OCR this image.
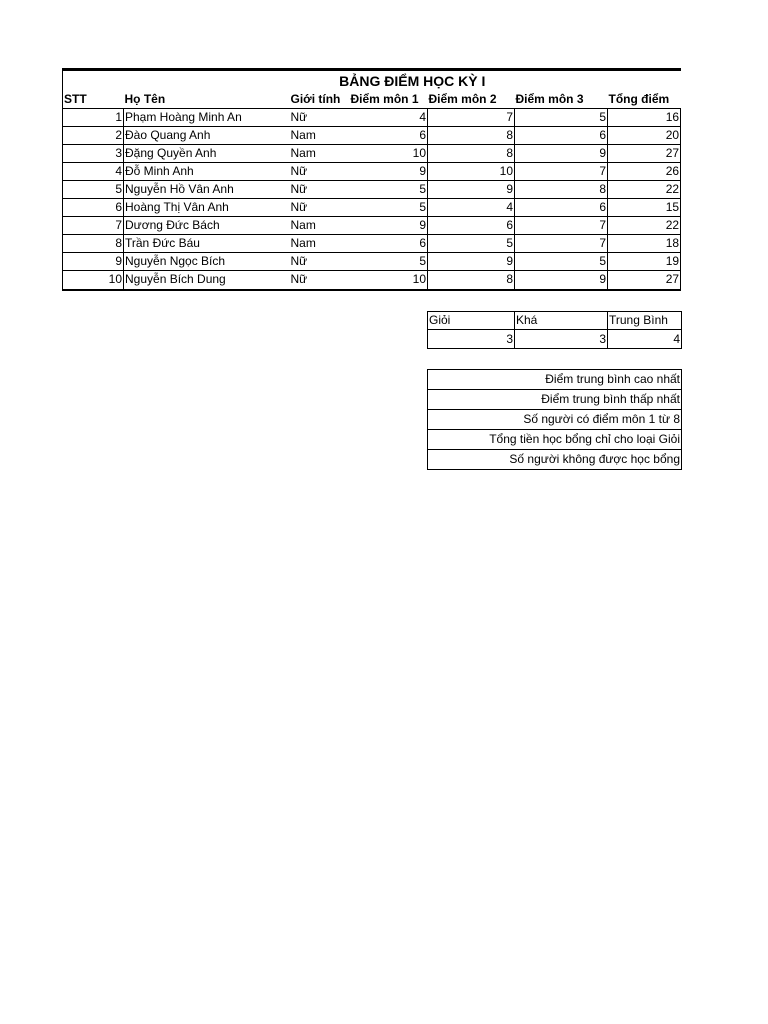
BẢNG ĐIỂM HỌC KỲ I						
STT	Họ Tên	Giới tính	Điểm môn 1	Điểm môn 2	Điểm môn 3	Tổng điểm
1	Phạm Hoàng Minh An	Nữ	4	7	5	16
2	Đào Quang Anh	Nam	6	8	6	20
3	Đặng Quyền Anh	Nam	10	8	9	27
4	Đỗ Minh Anh	Nữ	9	10	7	26
5	Nguyễn Hồ Vân Anh	Nữ	5	9	8	22
6	Hoàng Thị Vân Anh	Nữ	5	4	6	15
7	Dương Đức Bách	Nam	9	6	7	22
8	Trần Đức Báu	Nam	6	5	7	18
9	Nguyễn Ngọc Bích	Nữ	5	9	5	19
10	Nguyễn Bích Dung	Nữ	10	8	9	27
Giỏi	Khá	Trung Bình
3	3	4
Điểm trung bình cao nhất
Điểm trung bình thấp nhất
Số người có điểm môn 1 từ 8
Tổng tiền học bổng chỉ cho loại Giỏi
Số người không được học bổng
